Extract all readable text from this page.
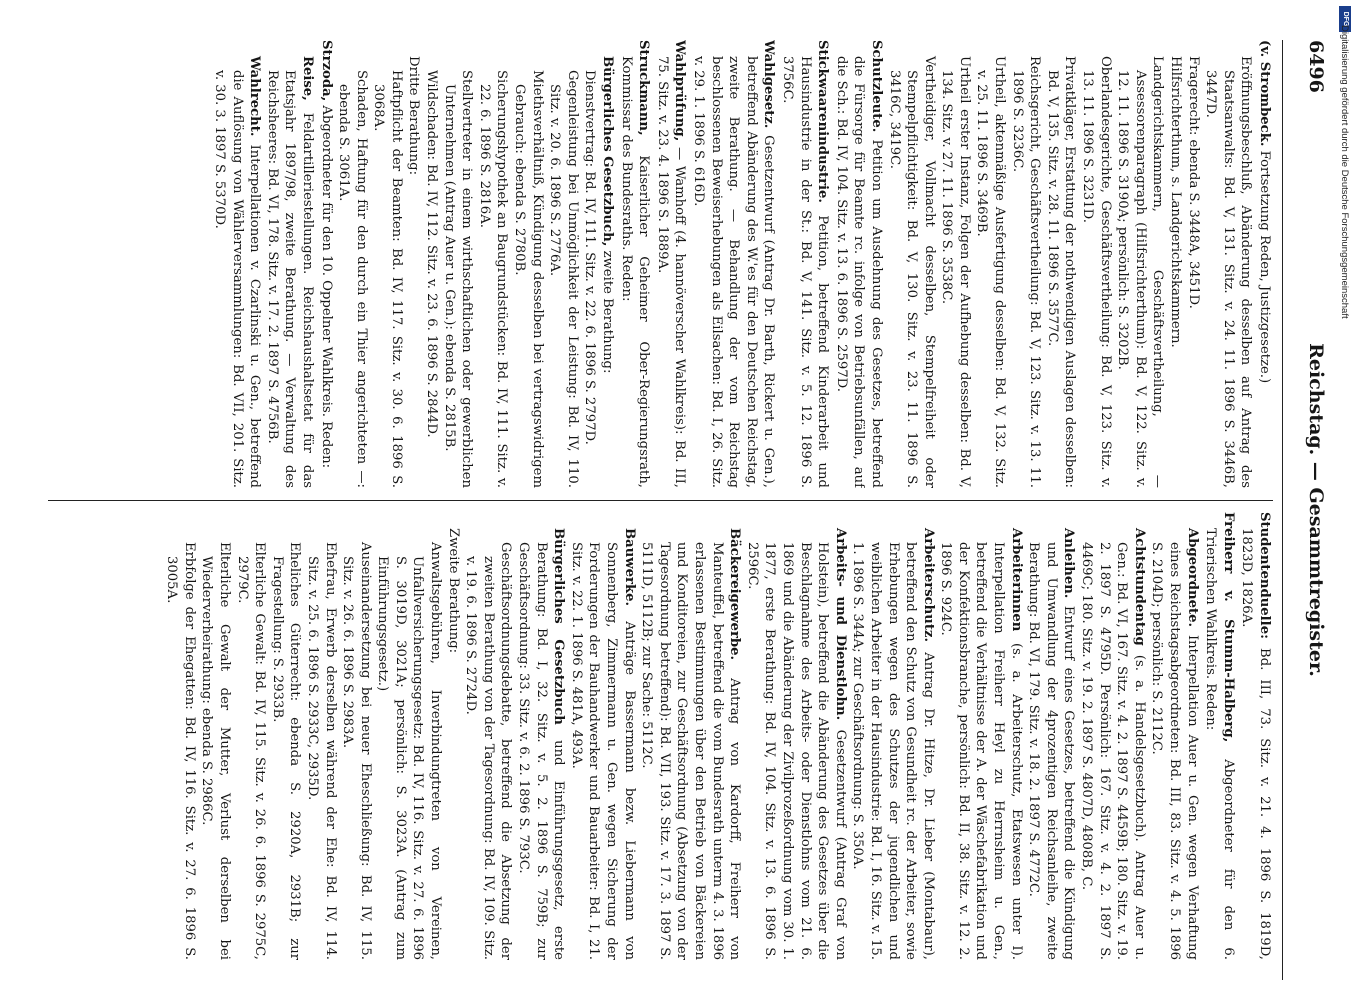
6496
Reichstag. — Gesammtregister.

(v. Strombeck. Fortsetzung Reden, Justizgesetze.)

Eröffnungsbeschluß, Abänderung desselben auf Antrag des Staatsanwalts: Bd. V, 131. Sitz. v. 24. 11. 1896 S. 3446B, 3447D.

Fragerecht: ebenda S. 3448A, 3451D.

Hilfsrichterthum, s. Landgerichtskammern.

Landgerichtskammern, Geschäftsvertheilung, — Assessorenparagraph (Hilfsrichterthum): Bd. V, 122. Sitz. v. 12. 11. 1896 S. 3190A; persönlich: S. 3202B.

Oberlandesgerichte, Geschäftsvertheilung: Bd. V, 123. Sitz. v. 13. 11. 1896 S. 3231D.

Privatkläger, Erstattung der nothwendigen Auslagen desselben: Bd. V, 135. Sitz. v. 28. 11. 1896 S. 3577C.

Reichsgericht, Geschäftsvertheilung: Bd. V, 123. Sitz. v. 13. 11. 1896 S. 3236C.

Urtheil, aktenmäßige Ausfertigung desselben: Bd. V, 132. Sitz. v. 25. 11. 1896 S. 3469B.

Urtheil erster Instanz, Folgen der Aufhebung desselben: Bd. V, 134. Sitz. v. 27. 11. 1896 S. 3538C.

Vertheidiger, Vollmacht desselben, Stempelfreiheit oder Stempelpflichtigkeit: Bd. V, 130. Sitz. v. 23. 11. 1896 S. 3416C, 3419C.

Schutzleute. Petition um Ausdehnung des Gesetzes, betreffend die Fürsorge für Beamte rc. infolge von Betriebsunfällen, auf die Sch.: Bd. IV, 104. Sitz. v. 13. 6. 1896 S. 2597D.

Stickwaarenindustrie. Petition, betreffend Kinderarbeit und Hausindustrie in der St.: Bd. V, 141. Sitz. v. 5. 12. 1896 S. 3756C.

Wahlgesetz. Gesetzentwurf (Antrag Dr. Barth, Rickert u. Gen.), betreffend Abänderung des W.'es für den Deutschen Reichstag, zweite Berathung. — Behandlung der vom Reichstag beschlossenen Beweiserhebungen als Eilsachen: Bd. I, 26. Sitz. v. 29. 1. 1896 S. 616D.

Wahlprüfung, — Wamhoff (4. hannöverscher Wahlkreis): Bd. III, 75. Sitz. v. 23. 4. 1896 S. 1889A.

Struckmann, Kaiserlicher Geheimer Ober-Regierungsrath, Kommissar des Bundesraths. Reden:

Bürgerliches Gesetzbuch, zweite Berathung:

Dienstvertrag: Bd. IV, 111. Sitz. v. 22. 6. 1896 S. 2797D.

Gegenleistung bei Unmöglichkeit der Leistung: Bd. IV, 110. Sitz. v. 20. 6. 1896 S. 2776A.

Miethsverhältniß, Kündigung desselben bei vertragswidrigem Gebrauch: ebenda S. 2780B.

Sicherungshypothek an Baugrundstücken: Bd. IV, 111. Sitz. v. 22. 6. 1896 S. 2816A.

Stellvertreter in einem wirthschaftlichen oder gewerblichen Unternehmen (Antrag Auer u. Gen.): ebenda S. 2815B.

Wildschaden: Bd. IV, 112. Sitz. v. 23. 6. 1896 S. 2844D.

Dritte Berathung:

Haftpflicht der Beamten: Bd. IV, 117. Sitz. v. 30. 6. 1896 S. 3068A.

Schaden, Haftung für den durch ein Thier angerichteten —: ebenda S. 3061A.

Strzoda, Abgeordneter für den 10. Oppelner Wahlkreis. Reden:

Reise, Feldartilleriestellungen. Reichshaushaltsetat für das Etatsjahr 1897/98, zweite Berathung. — Verwaltung des Reichsheeres: Bd. VI, 178. Sitz. v. 17. 2. 1897 S. 4756B.

Wahlrecht. Interpellationen v. Czarlinski u. Gen., betreffend die Auflösung von Wählerversammlungen: Bd. VII, 201. Sitz. v. 30. 3. 1897 S. 5370D.

Studentenduelle: Bd. III, 73. Sitz. v. 21. 4. 1896 S. 1819D, 1823D, 1826A.

Freiherr v. Stumm-Halberg, Abgeordneter für den 6. Trierischen Wahlkreis. Reden:

Abgeordnete. Interpellation Auer u. Gen. wegen Verhaftung eines Reichstagsabgeordneten: Bd. III, 83. Sitz. v. 4. 5. 1896 S. 2104D; persönlich: S. 2112C.

Achtstundentag (s. a. Handelsgesetzbuch). Antrag Auer u. Gen.: Bd. VI, 167. Sitz. v. 4. 2. 1897 S. 4459B; 180. Sitz. v. 19. 2. 1897 S. 4795D. Persönlich: 167. Sitz. v. 4. 2. 1897 S. 4469C; 180. Sitz. v. 19. 2. 1897 S. 4807D, 4808B, C.

Anleihen. Entwurf eines Gesetzes, betreffend die Kündigung und Umwandlung der 4prozentigen Reichsanleihe, zweite Berathung: Bd. VI, 179. Sitz. v. 18. 2. 1897 S. 4772C.

Arbeiterinnen (s. a. Arbeiterschutz, Etatswesen unter I). Interpellation Freiherr Heyl zu Herrnsheim u. Gen., betreffend die Verhältnisse der A. der Wäschefabrikation und der Konfektionsbranche, persönlich: Bd. II, 38. Sitz. v. 12. 2. 1896 S. 924C.

Arbeiterschutz. Antrag Dr. Hitze, Dr. Lieber (Montabaur), betreffend den Schutz von Gesundheit rc. der Arbeiter, sowie Erhebungen wegen des Schutzes der jugendlichen und weiblichen Arbeiter in der Hausindustrie: Bd. I, 16. Sitz. v. 15. 1. 1896 S. 344A; zur Geschäftsordnung: S. 350A.

Arbeits- und Dienstlohn. Gesetzentwurf (Antrag Graf von Holstein), betreffend die Abänderung des Gesetzes über die Beschlagnahme des Arbeits- oder Dienstlohns vom 21. 6. 1869 und die Abänderung der Zivilprozeßordnung vom 30. 1. 1877, erste Berathung: Bd. IV, 104. Sitz. v. 13. 6. 1896 S. 2596C.

Bäckereigewerbe. Antrag von Kardorff, Freiherr von Manteuffel, betreffend die vom Bundesrath unterm 4. 3. 1896 erlassenen Bestimmungen über den Betrieb von Bäckereien und Konditoreien, zur Geschäftsordnung (Absetzung von der Tagesordnung betreffend): Bd. VII, 193. Sitz. v. 17. 3. 1897 S. 5111D, 5112B; zur Sache: 5112C.

Bauwerke. Anträge Bassermann bezw. Liebermann von Sonnenberg, Zimmermann u. Gen. wegen Sicherung der Forderungen der Bauhandwerker und Bauarbeiter: Bd. I, 21. Sitz. v. 22. 1. 1896 S. 481A, 493A.

Bürgerliches Gesetzbuch und Einführungsgesetz, erste Berathung: Bd. I, 32. Sitz. v. 5. 2. 1896 S. 759B; zur Geschäftsordnung: 33. Sitz. v. 6. 2. 1896 S. 793C.

Geschäftsordnungsdebatte, betreffend die Absetzung der zweiten Berathung von der Tagesordnung: Bd. IV, 109. Sitz. v. 19. 6. 1896 S. 2724D.

Zweite Berathung:

Anwaltsgebühren, Inverbindungtreten von Vereinen, Unfallversicherungsgesetz: Bd. IV, 116. Sitz. v. 27. 6. 1896 S. 3019D, 3021A; persönlich: S. 3023A. (Antrag zum Einführungsgesetz.)

Auseinandersetzung bei neuer Eheschließung: Bd. IV, 115. Sitz. v. 26. 6. 1896 S. 2983A.

Ehefrau, Erwerb derselben während der Ehe: Bd. IV, 114. Sitz. v. 25. 6. 1896 S. 2933C, 2935D.

Eheliches Güterrecht: ebenda S. 2920A, 2931B; zur Fragestellung: S. 2933B.

Elterliche Gewalt: Bd. IV, 115. Sitz. v. 26. 6. 1896 S. 2975C, 2979C.

Elterliche Gewalt der Mutter, Verlust derselben bei Wiederverheirathung: ebenda S. 2986C.

Erbfolge der Ehegatten: Bd. IV, 116. Sitz. v. 27. 6. 1896 S. 3005A.

DFG
Digitalisierung gefördert durch die Deutsche Forschungsgemeinschaft
